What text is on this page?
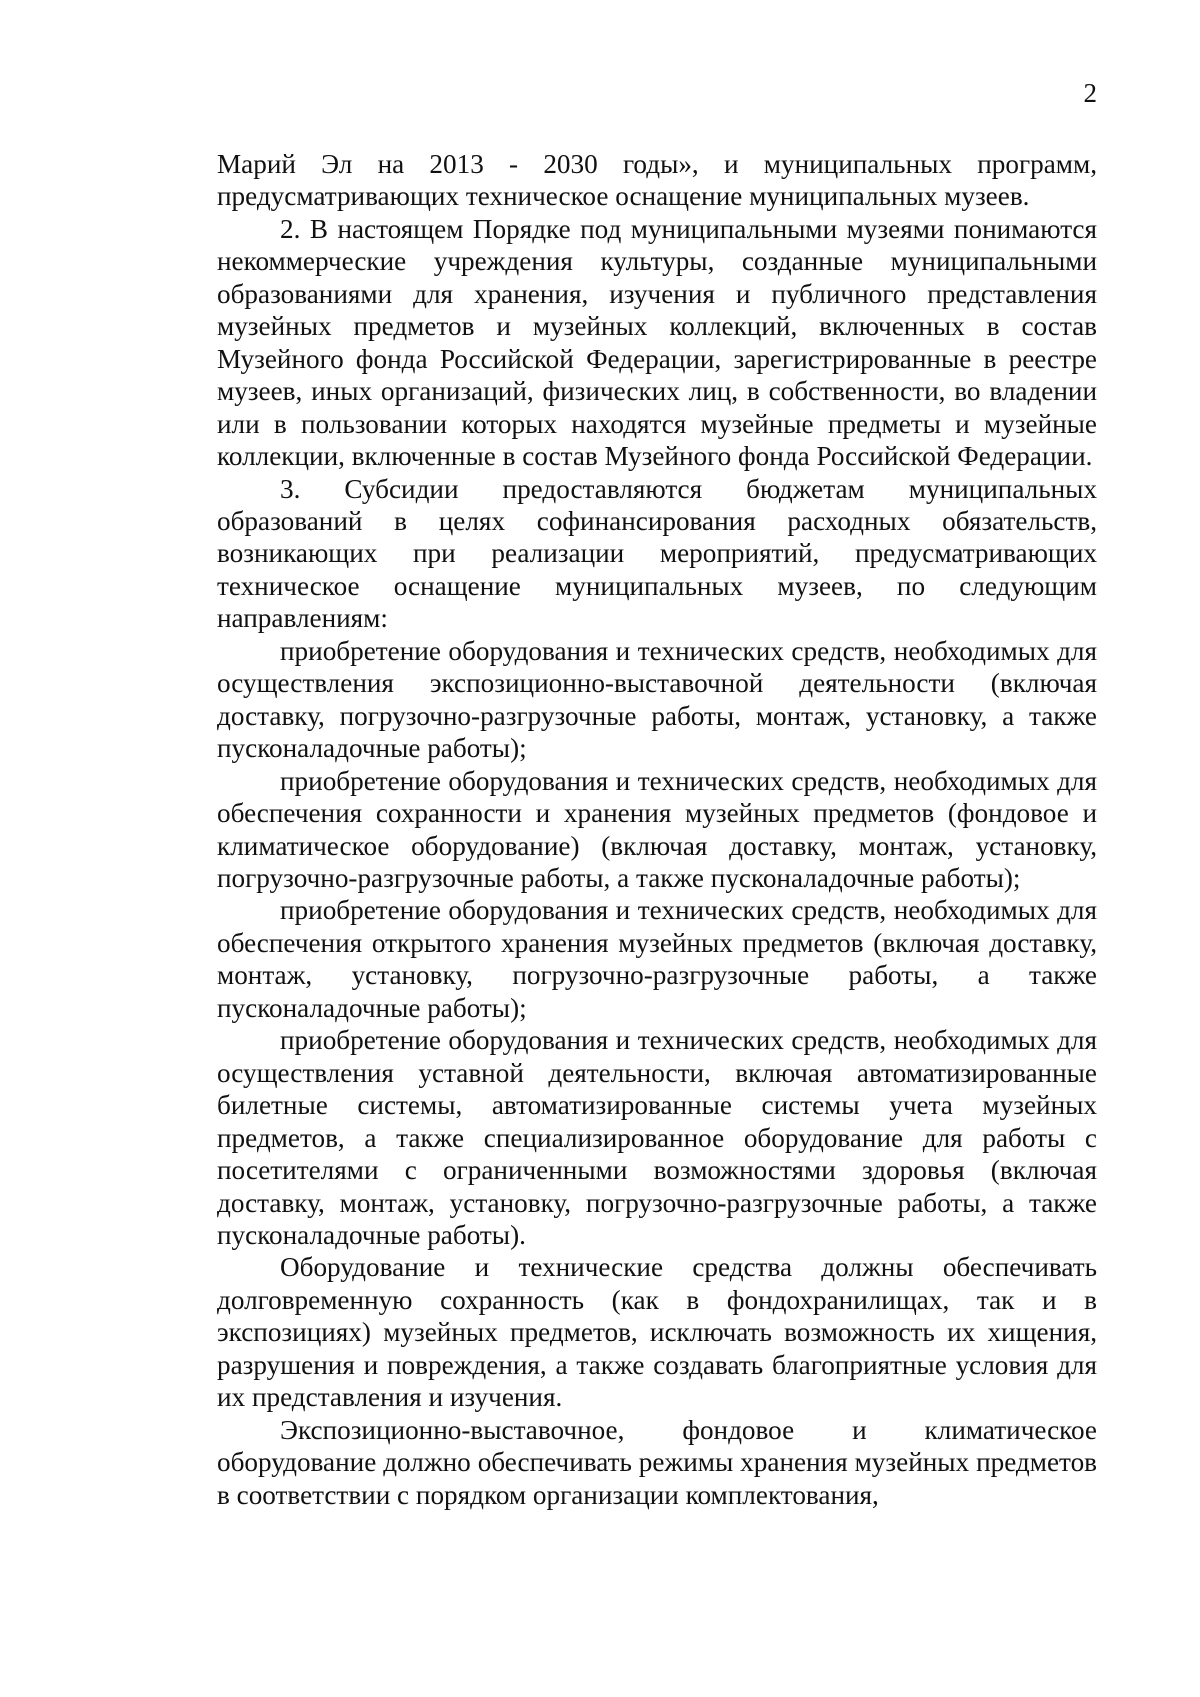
2

Марий Эл на 2013 - 2030 годы», и муниципальных программ, предусматривающих техническое оснащение муниципальных музеев.

2. В настоящем Порядке под муниципальными музеями понимаются некоммерческие учреждения культуры, созданные муниципальными образованиями для хранения, изучения и публичного представления музейных предметов и музейных коллекций, включенных в состав Музейного фонда Российской Федерации, зарегистрированные в реестре музеев, иных организаций, физических лиц, в собственности, во владении или в пользовании которых находятся музейные предметы и музейные коллекции, включенные в состав Музейного фонда Российской Федерации.

3. Субсидии предоставляются бюджетам муниципальных образований в целях софинансирования расходных обязательств, возникающих при реализации мероприятий, предусматривающих техническое оснащение муниципальных музеев, по следующим направлениям:

приобретение оборудования и технических средств, необходимых для осуществления экспозиционно-выставочной деятельности (включая доставку, погрузочно-разгрузочные работы, монтаж, установку, а также пусконаладочные работы);

приобретение оборудования и технических средств, необходимых для обеспечения сохранности и хранения музейных предметов (фондовое и климатическое оборудование) (включая доставку, монтаж, установку, погрузочно-разгрузочные работы, а также пусконаладочные работы);

приобретение оборудования и технических средств, необходимых для обеспечения открытого хранения музейных предметов (включая доставку, монтаж, установку, погрузочно-разгрузочные работы, а также пусконаладочные работы);

приобретение оборудования и технических средств, необходимых для осуществления уставной деятельности, включая автоматизированные билетные системы, автоматизированные системы учета музейных предметов, а также специализированное оборудование для работы с посетителями с ограниченными возможностями здоровья (включая доставку, монтаж, установку, погрузочно-разгрузочные работы, а также пусконаладочные работы).

Оборудование и технические средства должны обеспечивать долговременную сохранность (как в фондохранилищах, так и в экспозициях) музейных предметов, исключать возможность их хищения, разрушения и повреждения, а также создавать благоприятные условия для их представления и изучения.

Экспозиционно-выставочное, фондовое и климатическое оборудование должно обеспечивать режимы хранения музейных предметов в соответствии с порядком организации комплектования,
